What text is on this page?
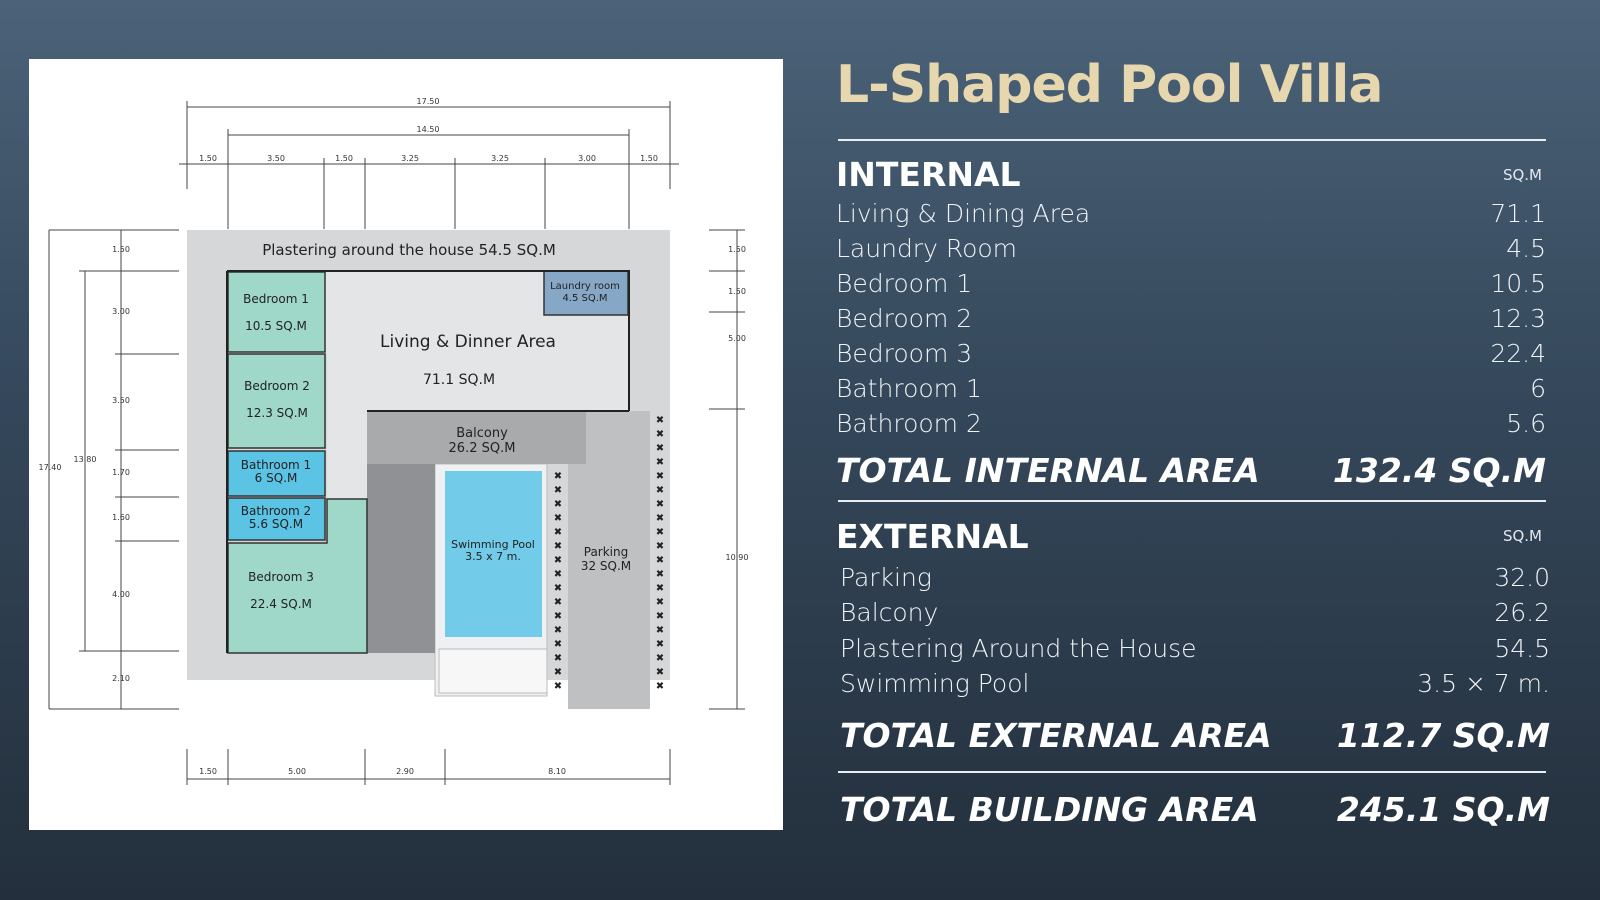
✖
✖
✖
✖
✖
✖
✖
✖
✖
✖
✖
✖
✖
✖
✖
✖
✖
✖
✖
✖
✖
✖
✖
✖
✖
✖
✖
✖
✖
✖
✖
✖
✖
✖
✖
✖
17.50
14.50
1.50	3.50	1.50	3.25	3.25	3.00	1.50
1.50	5.00	2.90	8.10
1.50
3.00
3.50
1.70
1.60
4.00
2.10
17.40
13.80
1.50
1.50
5.00
10.90
Plastering around the house 54.5 SQ.M
Bedroom 1
10.5 SQ.M
Bedroom 2
12.3 SQ.M
Bathroom 1
6 SQ.M
Bathroom 2
5.6 SQ.M
Bedroom 3
22.4 SQ.M
Living & Dinner Area
71.1 SQ.M
Laundry room
4.5 SQ.M
Balcony
26.2 SQ.M
Swimming Pool
3.5 x 7 m.	Parking
32 SQ.M
L-Shaped Pool Villa
INTERNAL	SQ.M
Living & Dining Area	71.1
Laundry Room	4.5
Bedroom 1	10.5
Bedroom 2	12.3
Bedroom 3	22.4
Bathroom 1	6
Bathroom 2	5.6
TOTAL INTERNAL AREA 132.4 SQ.M
EXTERNAL	SQ.M
Parking	32.0
Balcony	26.2
Plastering Around the House	54.5
Swimming Pool	3.5 × 7 m.
TOTAL EXTERNAL AREA 112.7 SQ.M
TOTAL BUILDING AREA 245.1 SQ.M
